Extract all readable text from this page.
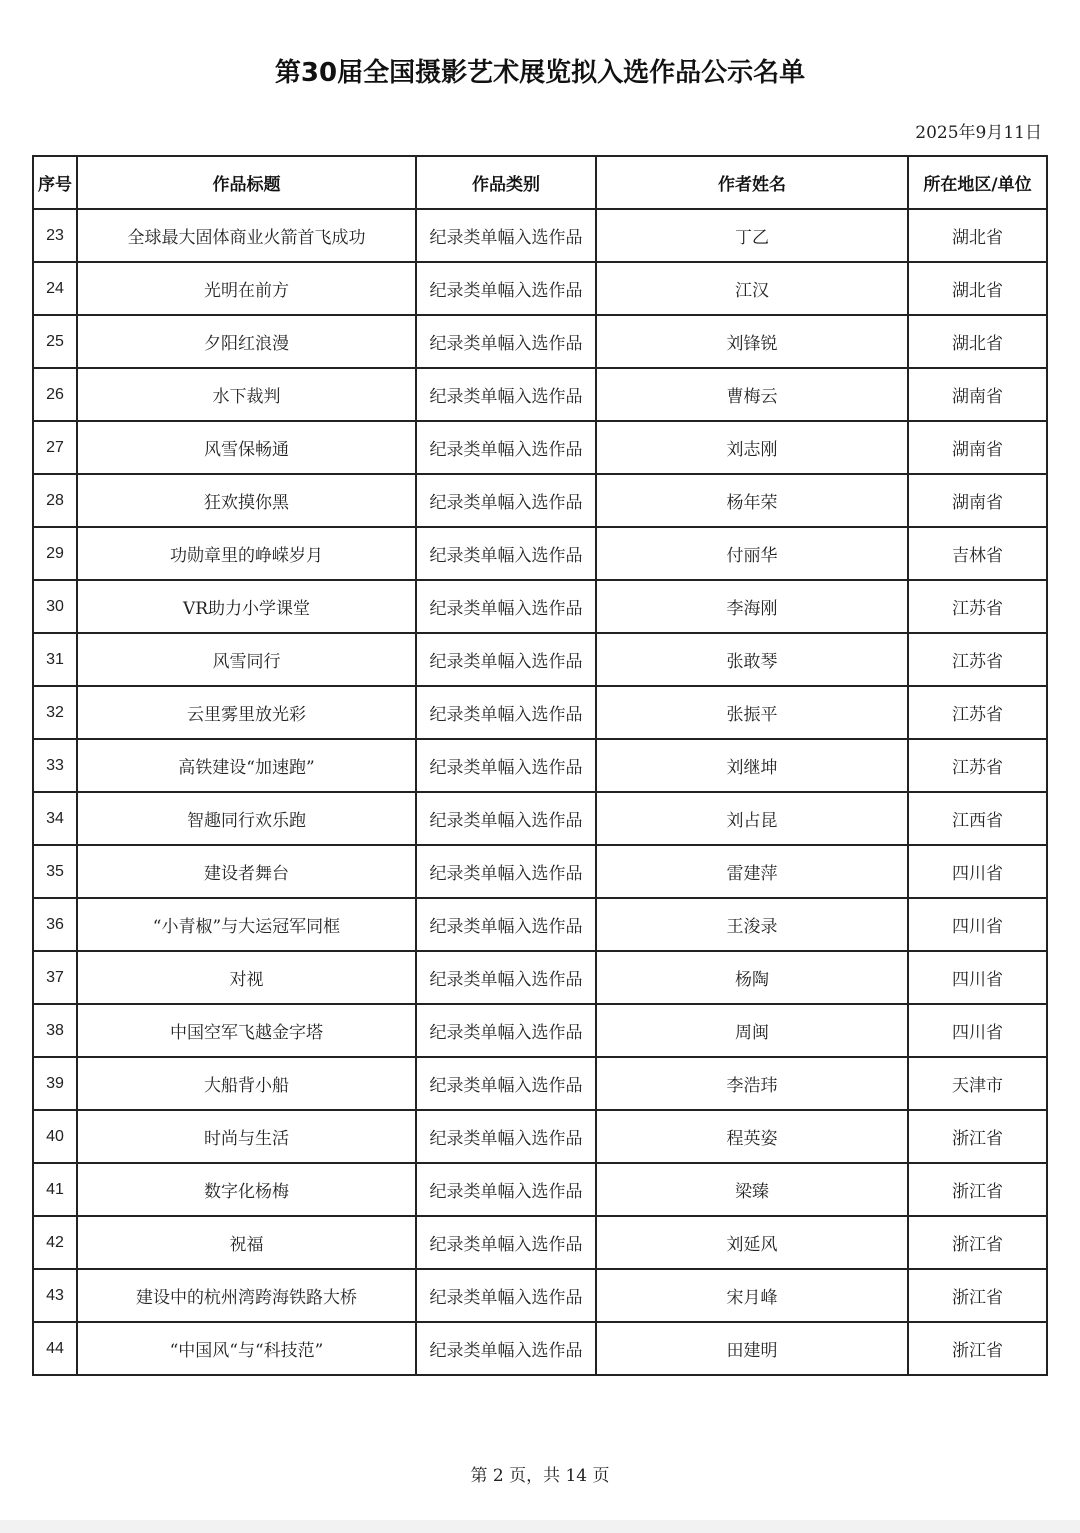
第30届全国摄影艺术展览拟入选作品公示名单
2025年9月11日
序号	作品标题	作品类别	作者姓名	所在地区/单位
23	全球最大固体商业火箭首飞成功	纪录类单幅入选作品	丁乙	湖北省
24	光明在前方	纪录类单幅入选作品	江汉	湖北省
25	夕阳红浪漫	纪录类单幅入选作品	刘锋锐	湖北省
26	水下裁判	纪录类单幅入选作品	曹梅云	湖南省
27	风雪保畅通	纪录类单幅入选作品	刘志刚	湖南省
28	狂欢摸你黑	纪录类单幅入选作品	杨年荣	湖南省
29	功勋章里的峥嵘岁月	纪录类单幅入选作品	付丽华	吉林省
30	VR助力小学课堂	纪录类单幅入选作品	李海刚	江苏省
31	风雪同行	纪录类单幅入选作品	张敢琴	江苏省
32	云里雾里放光彩	纪录类单幅入选作品	张振平	江苏省
33	高铁建设“加速跑”	纪录类单幅入选作品	刘继坤	江苏省
34	智趣同行欢乐跑	纪录类单幅入选作品	刘占昆	江西省
35	建设者舞台	纪录类单幅入选作品	雷建萍	四川省
36	“小青椒”与大运冠军同框	纪录类单幅入选作品	王浚录	四川省
37	对视	纪录类单幅入选作品	杨陶	四川省
38	中国空军飞越金字塔	纪录类单幅入选作品	周闽	四川省
39	大船背小船	纪录类单幅入选作品	李浩玮	天津市
40	时尚与生活	纪录类单幅入选作品	程英姿	浙江省
41	数字化杨梅	纪录类单幅入选作品	梁臻	浙江省
42	祝福	纪录类单幅入选作品	刘延风	浙江省
43	建设中的杭州湾跨海铁路大桥	纪录类单幅入选作品	宋月峰	浙江省
44	“中国风“与“科技范”	纪录类单幅入选作品	田建明	浙江省
第 2 页，共 14 页
